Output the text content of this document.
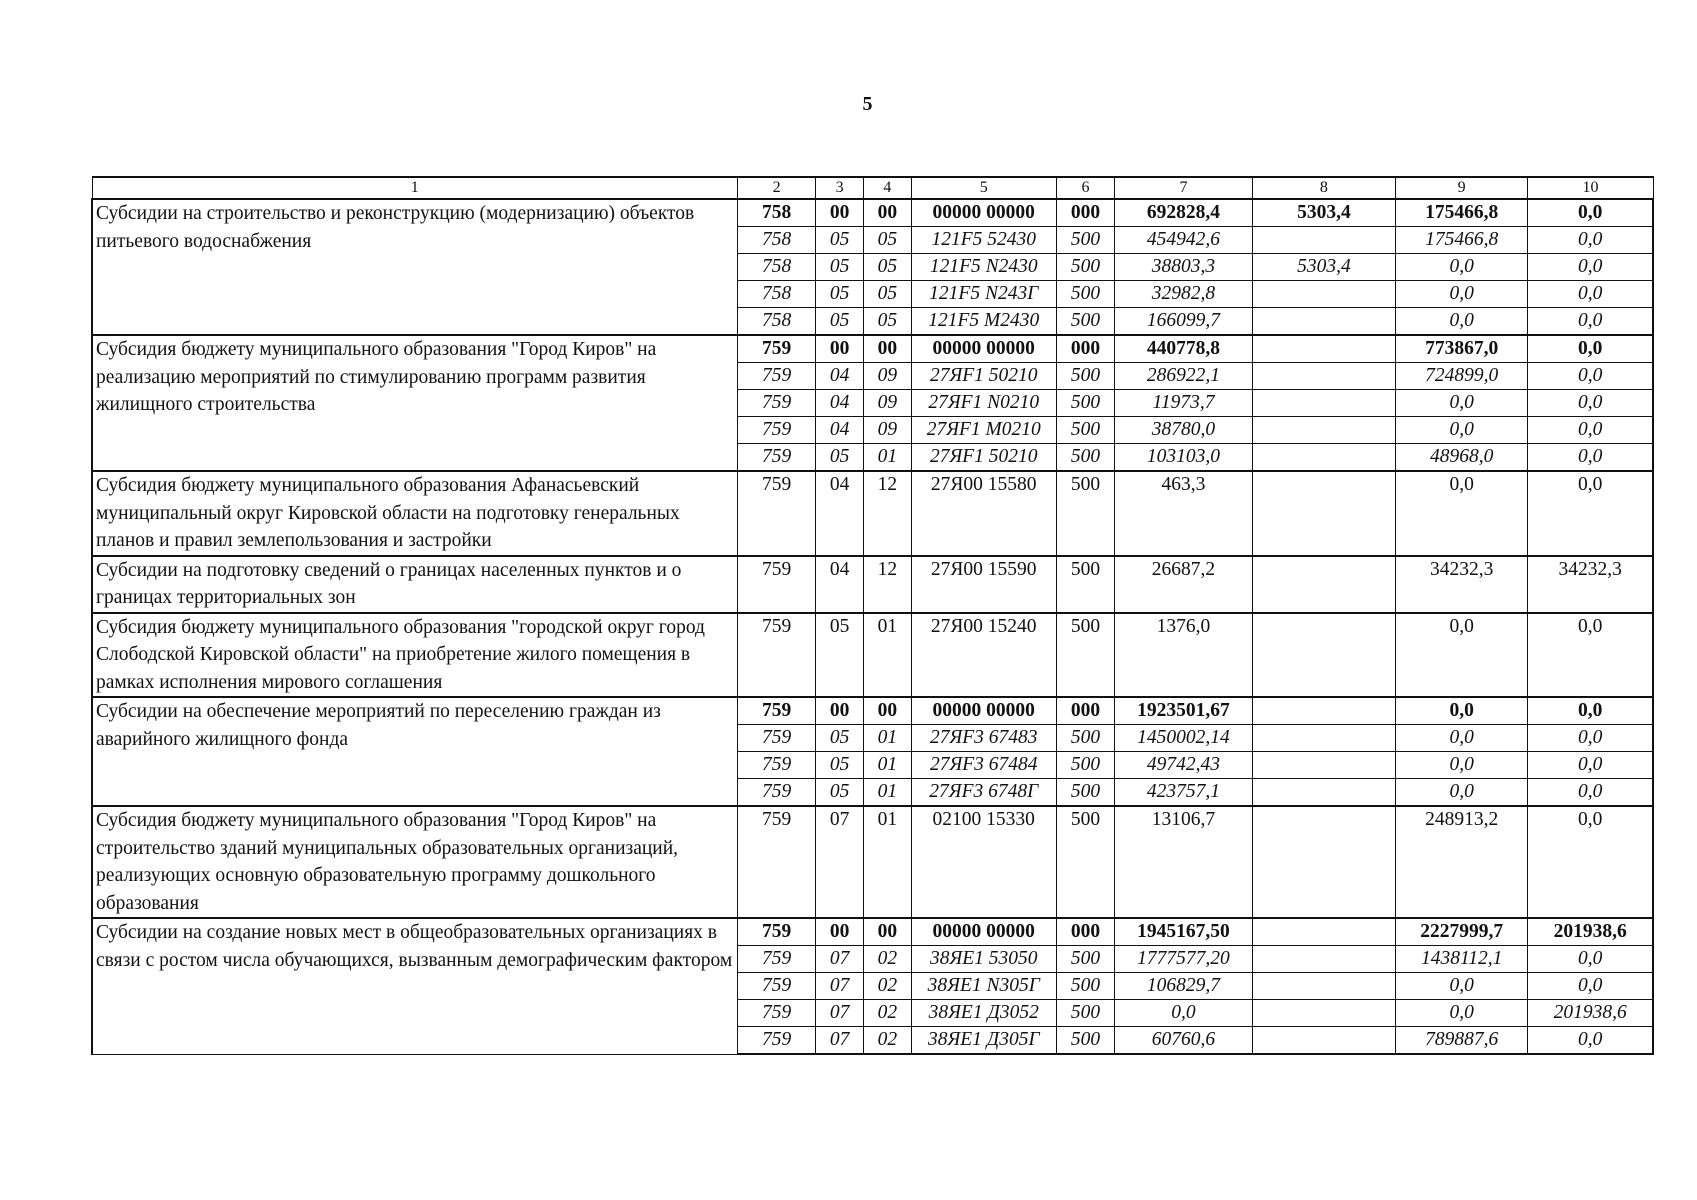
5
1	2	3	4	5	6	7	8	9	10
Субсидии на строительство и реконструкцию (модернизацию) объектов питьевого водоснабжения	758	00	00	00000 00000	000	692828,4	5303,4	175466,8	0,0
	758	05	05	121F5 52430	500	454942,6		175466,8	0,0
	758	05	05	121F5 N2430	500	38803,3	5303,4	0,0	0,0
	758	05	05	121F5 N243Г	500	32982,8		0,0	0,0
	758	05	05	121F5 M2430	500	166099,7		0,0	0,0
Субсидия бюджету муниципального образования "Город Киров" на реализацию мероприятий по стимулированию программ развития жилищного строительства	759	00	00	00000 00000	000	440778,8		773867,0	0,0
	759	04	09	27ЯF1 50210	500	286922,1		724899,0	0,0
	759	04	09	27ЯF1 N0210	500	11973,7		0,0	0,0
	759	04	09	27ЯF1 M0210	500	38780,0		0,0	0,0
	759	05	01	27ЯF1 50210	500	103103,0		48968,0	0,0
Субсидия бюджету муниципального образования Афанасьевский муниципальный округ Кировской области на подготовку генеральных планов и правил землепользования и застройки	759	04	12	27Я00 15580	500	463,3		0,0	0,0
Субсидии на подготовку сведений о границах населенных пунктов и о границах территориальных зон	759	04	12	27Я00 15590	500	26687,2		34232,3	34232,3
Субсидия бюджету муниципального образования "городской округ город Слободской Кировской области" на приобретение жилого помещения в рамках исполнения мирового соглашения	759	05	01	27Я00 15240	500	1376,0		0,0	0,0
Субсидии на обеспечение мероприятий по переселению граждан из аварийного жилищного фонда	759	00	00	00000 00000	000	1923501,67		0,0	0,0
	759	05	01	27ЯF3 67483	500	1450002,14		0,0	0,0
	759	05	01	27ЯF3 67484	500	49742,43		0,0	0,0
	759	05	01	27ЯF3 6748Г	500	423757,1		0,0	0,0
Субсидия бюджету муниципального образования "Город Киров" на строительство зданий муниципальных образовательных организаций, реализующих основную образовательную программу дошкольного образования	759	07	01	02100 15330	500	13106,7		248913,2	0,0
Субсидии на создание новых мест в общеобразовательных организациях в связи с ростом числа обучающихся, вызванным демографическим фактором	759	00	00	00000 00000	000	1945167,50		2227999,7	201938,6
	759	07	02	38ЯЕ1 53050	500	1777577,20		1438112,1	0,0
	759	07	02	38ЯЕ1 N305Г	500	106829,7		0,0	0,0
	759	07	02	38ЯЕ1 Д3052	500	0,0		0,0	201938,6
	759	07	02	38ЯЕ1 Д305Г	500	60760,6		789887,6	0,0
